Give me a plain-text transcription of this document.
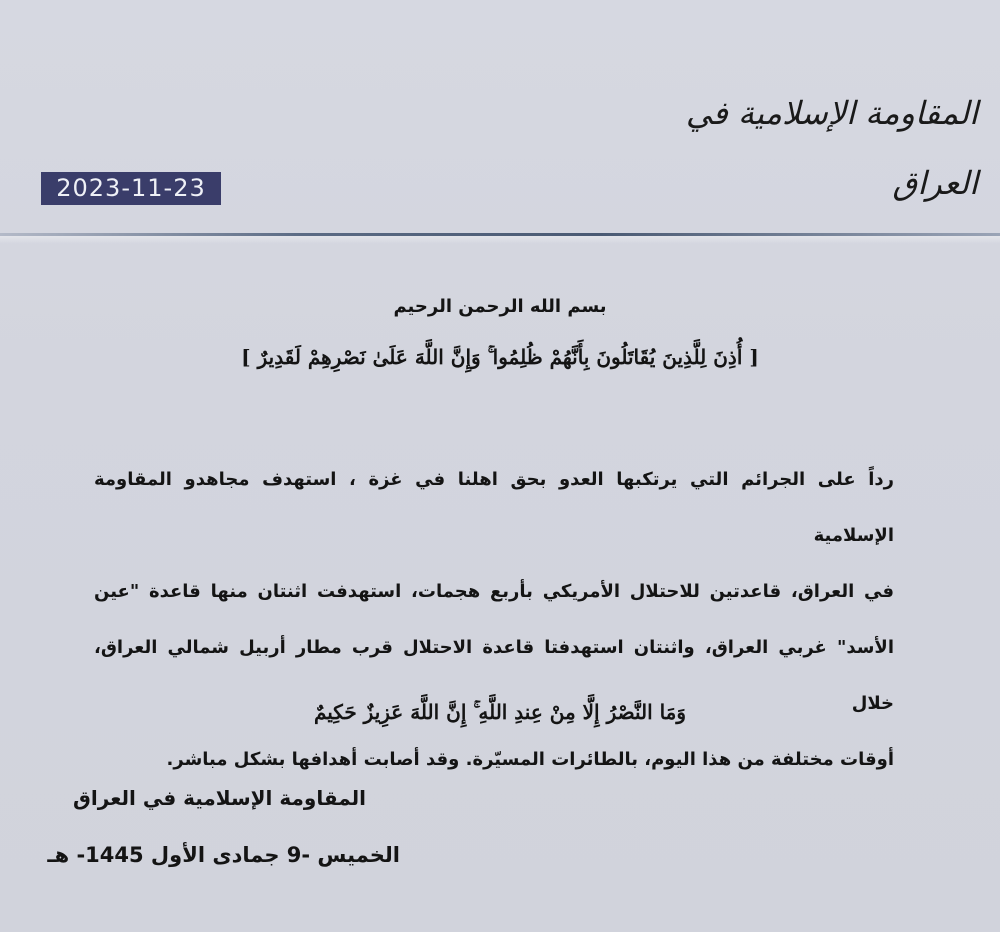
المقاومة الإسلامية في العراق
2023-11-23
بسم الله الرحمن الرحيم
[ أُذِنَ لِلَّذِينَ يُقَاتَلُونَ بِأَنَّهُمْ ظُلِمُوا ۚ وَإِنَّ اللَّهَ عَلَىٰ نَصْرِهِمْ لَقَدِيرٌ ]
رداً على الجرائم التي يرتكبها العدو بحق اهلنا في غزة ، استهدف مجاهدو المقاومة الإسلامية
في العراق، قاعدتين للاحتلال الأمريكي بأربع هجمات، استهدفت اثنتان منها قاعدة "عين
الأسد" غربي العراق، واثنتان استهدفتا قاعدة الاحتلال قرب مطار أربيل شمالي العراق، خلال
أوقات مختلفة من هذا اليوم، بالطائرات المسيّرة. وقد أصابت أهدافها بشكل مباشر.
وَمَا النَّصْرُ إِلَّا مِنْ عِندِ اللَّهِ ۚ إِنَّ اللَّهَ عَزِيزٌ حَكِيمٌ
المقاومة الإسلامية في العراق
الخميس -9 جمادى الأول 1445- هـ
